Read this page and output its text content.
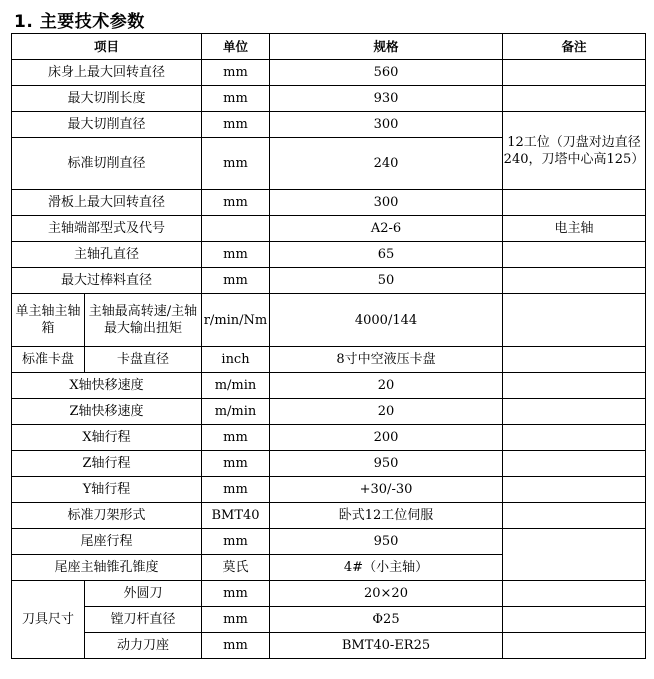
1. 主要技术参数
项目		单位	规格	备注
床身上最大回转直径		mm	560	
最大切削长度		mm	930	
最大切削直径		mm	300	12工位（刀盘对边直径240，刀塔中心高125）
标准切削直径		mm	240	
滑板上最大回转直径		mm	300	
主轴端部型式及代号			A2-6	电主轴
主轴孔直径		mm	65	
最大过棒料直径		mm	50	
单主轴主轴箱	主轴最高转速/主轴最大输出扭矩	r/min/Nm	4000/144	
标准卡盘	卡盘直径	inch	8寸中空液压卡盘	
X轴快移速度		m/min	20	
Z轴快移速度		m/min	20	
X轴行程		mm	200	
Z轴行程		mm	950	
Y轴行程		mm	+30/-30	
标准刀架形式		BMT40	卧式12工位伺服	
尾座行程		mm	950	
尾座主轴锥孔锥度		莫氏	4#（小主轴）	
刀具尺寸	外圆刀	mm	20×20	
	镗刀杆直径	mm	Φ25	
	动力刀座	mm	BMT40-ER25	
